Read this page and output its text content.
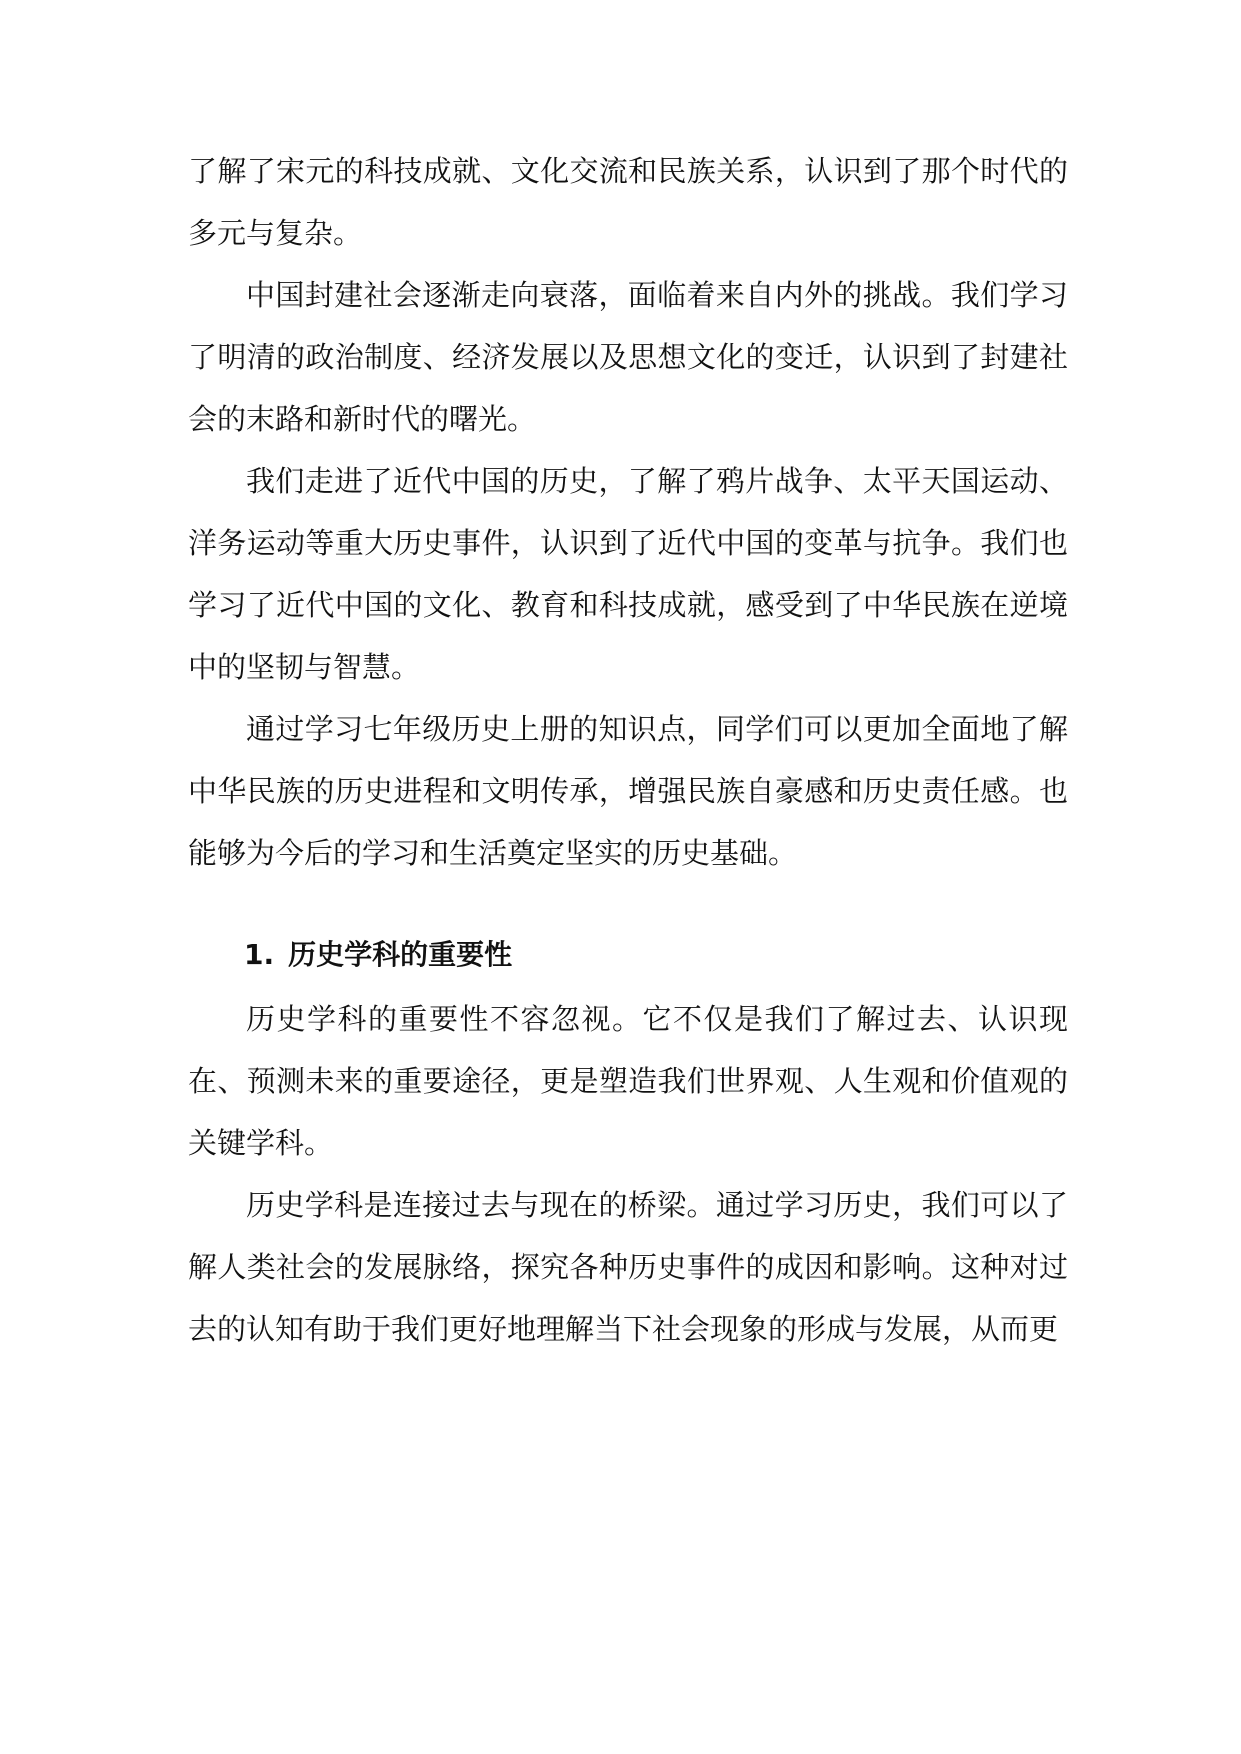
了解了宋元的科技成就、文化交流和民族关系，认识到了那个时代的多元与复杂。

中国封建社会逐渐走向衰落，面临着来自内外的挑战。我们学习了明清的政治制度、经济发展以及思想文化的变迁，认识到了封建社会的末路和新时代的曙光。

我们走进了近代中国的历史，了解了鸦片战争、太平天国运动、洋务运动等重大历史事件，认识到了近代中国的变革与抗争。我们也学习了近代中国的文化、教育和科技成就，感受到了中华民族在逆境中的坚韧与智慧。

通过学习七年级历史上册的知识点，同学们可以更加全面地了解中华民族的历史进程和文明传承，增强民族自豪感和历史责任感。也能够为今后的学习和生活奠定坚实的历史基础。

1. 历史学科的重要性

历史学科的重要性不容忽视。它不仅是我们了解过去、认识现在、预测未来的重要途径，更是塑造我们世界观、人生观和价值观的关键学科。

历史学科是连接过去与现在的桥梁。通过学习历史，我们可以了解人类社会的发展脉络，探究各种历史事件的成因和影响。这种对过去的认知有助于我们更好地理解当下社会现象的形成与发展，从而更
